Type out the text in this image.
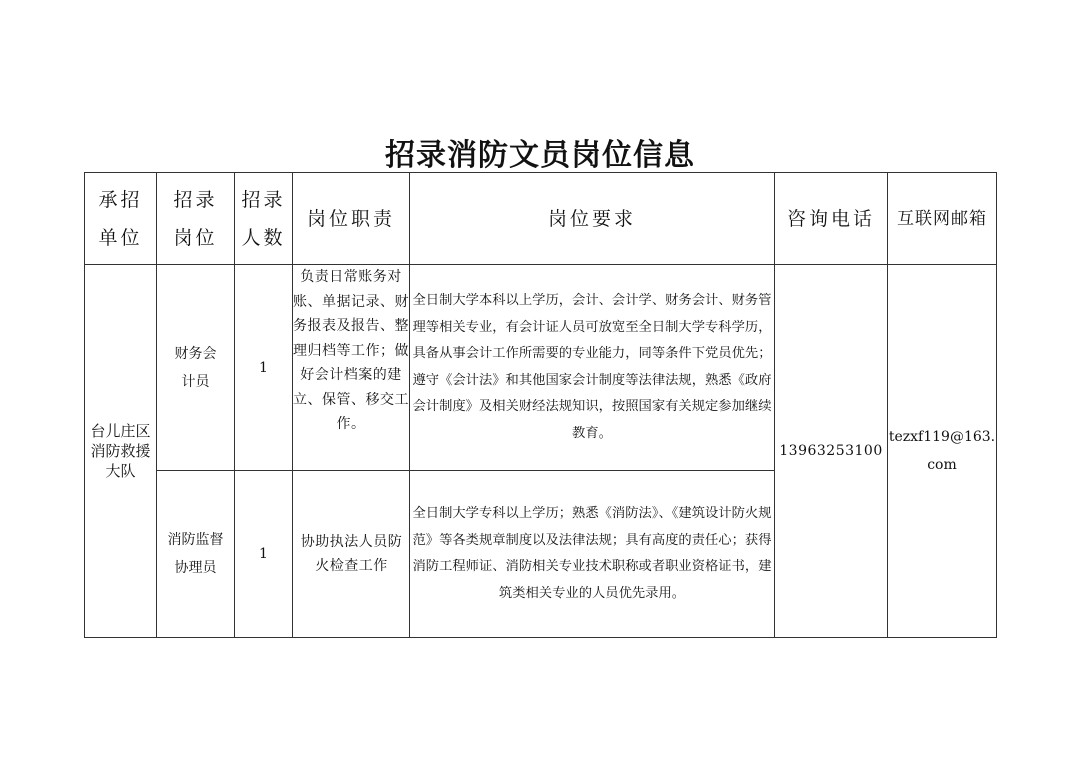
招录消防文员岗位信息
承招单位	招录岗位	招录人数	岗位职责	岗位要求	咨询电话	互联网邮箱
台儿庄区消防救援大队	财务会计员	1	负责日常账务对账、单据记录、财务报表及报告、整理归档等工作；做好会计档案的建立、保管、移交工作。	全日制大学本科以上学历，会计、会计学、财务会计、财务管理等相关专业，有会计证人员可放宽至全日制大学专科学历，具备从事会计工作所需要的专业能力，同等条件下党员优先；遵守《会计法》和其他国家会计制度等法律法规，熟悉《政府会计制度》及相关财经法规知识，按照国家有关规定参加继续教育。	13963253100	tezxf119@163.com
	消防监督协理员	1	协助执法人员防火检查工作	全日制大学专科以上学历；熟悉《消防法》、《建筑设计防火规范》等各类规章制度以及法律法规；具有高度的责任心；获得消防工程师证、消防相关专业技术职称或者职业资格证书，建筑类相关专业的人员优先录用。		
